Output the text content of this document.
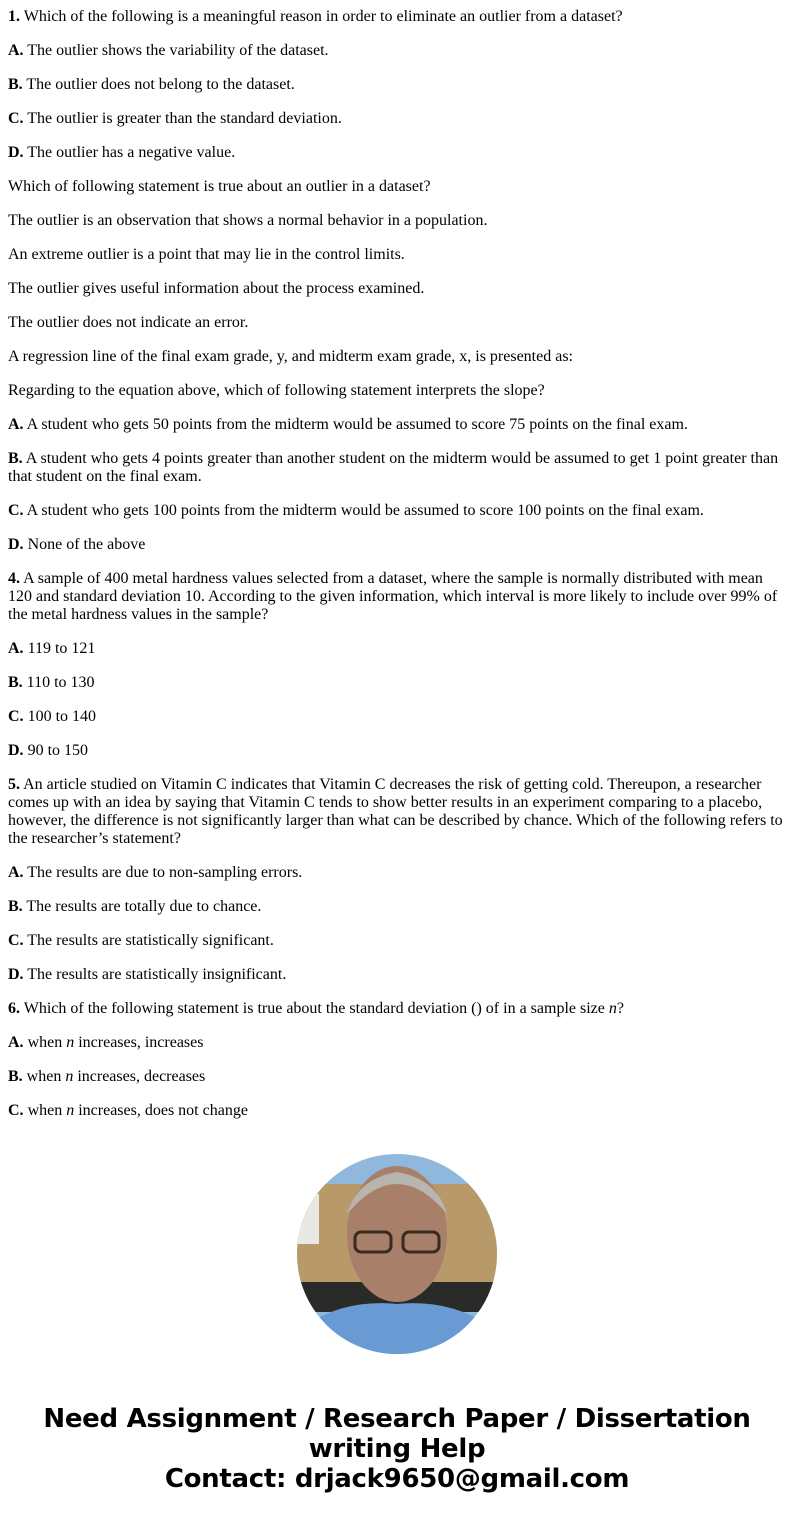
1. Which of the following is a meaningful reason in order to eliminate an outlier from a dataset?

A. The outlier shows the variability of the dataset.

B. The outlier does not belong to the dataset.

C. The outlier is greater than the standard deviation.

D. The outlier has a negative value.

Which of following statement is true about an outlier in a dataset?

The outlier is an observation that shows a normal behavior in a population.

An extreme outlier is a point that may lie in the control limits.

The outlier gives useful information about the process examined.

The outlier does not indicate an error.

A regression line of the final exam grade, y, and midterm exam grade, x, is presented as:

Regarding to the equation above, which of following statement interprets the slope?

A. A student who gets 50 points from the midterm would be assumed to score 75 points on the final exam.

B. A student who gets 4 points greater than another student on the midterm would be assumed to get 1 point greater than that student on the final exam.

C. A student who gets 100 points from the midterm would be assumed to score 100 points on the final exam.

D. None of the above

4. A sample of 400 metal hardness values selected from a dataset, where the sample is normally distributed with mean 120 and standard deviation 10. According to the given information, which interval is more likely to include over 99% of the metal hardness values in the sample?

A. 119 to 121

B. 110 to 130

C. 100 to 140

D. 90 to 150

5. An article studied on Vitamin C indicates that Vitamin C decreases the risk of getting cold. Thereupon, a researcher comes up with an idea by saying that Vitamin C tends to show better results in an experiment comparing to a placebo, however, the difference is not significantly larger than what can be described by chance. Which of the following refers to the researcher’s statement?

A. The results are due to non-sampling errors.

B. The results are totally due to chance.

C. The results are statistically significant.

D. The results are statistically insignificant.

6. Which of the following statement is true about the standard deviation () of in a sample size n?

A. when n increases, increases

B. when n increases, decreases

C. when n increases, does not change

Need Assignment / Research Paper / Dissertation
writing Help
Contact: drjack9650@gmail.com
